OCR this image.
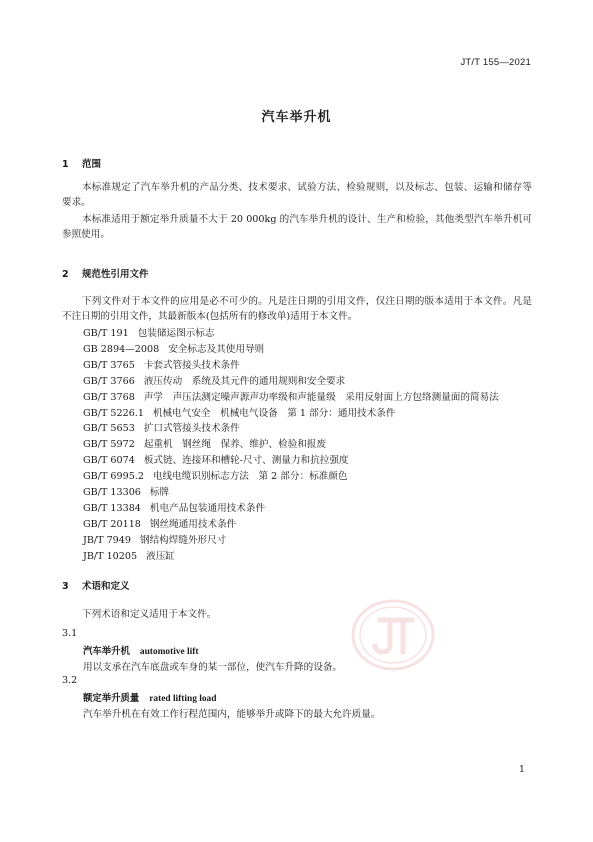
JT/T 155—2021
汽车举升机
1 范围

本标准规定了汽车举升机的产品分类、技术要求、试验方法、检验规则，以及标志、包装、运输和储存等要求。

本标准适用于额定举升质量不大于 20 000kg 的汽车举升机的设计、生产和检验，其他类型汽车举升机可参照使用。

2 规范性引用文件

下列文件对于本文件的应用是必不可少的。凡是注日期的引用文件，仅注日期的版本适用于本文件。凡是不注日期的引用文件，其最新版本(包括所有的修改单)适用于本文件。

GB/T 191 包装储运图示标志
GB 2894—2008 安全标志及其使用导则
GB/T 3765 卡套式管接头技术条件
GB/T 3766 液压传动　系统及其元件的通用规则和安全要求
GB/T 3768 声学　声压法测定噪声源声功率级和声能量级　采用反射面上方包络测量面的简易法
GB/T 5226.1 机械电气安全　机械电气设备　第 1 部分：通用技术条件
GB/T 5653 扩口式管接头技术条件
GB/T 5972 起重机　钢丝绳　保养、维护、检验和报废
GB/T 6074 板式链、连接环和槽轮-尺寸、测量力和抗拉强度
GB/T 6995.2 电线电缆识别标志方法　第 2 部分：标准颜色
GB/T 13306 标牌
GB/T 13384 机电产品包装通用技术条件
GB/T 20118 钢丝绳通用技术条件
JB/T 7949 钢结构焊缝外形尺寸
JB/T 10205 液压缸
3 术语和定义

下列术语和定义适用于本文件。

3.1
汽车举升机 automotive lift
用以支承在汽车底盘或车身的某一部位，使汽车升降的设备。
3.2
额定举升质量 rated lifting load
汽车举升机在有效工作行程范围内，能够举升或降下的最大允许质量。
1
